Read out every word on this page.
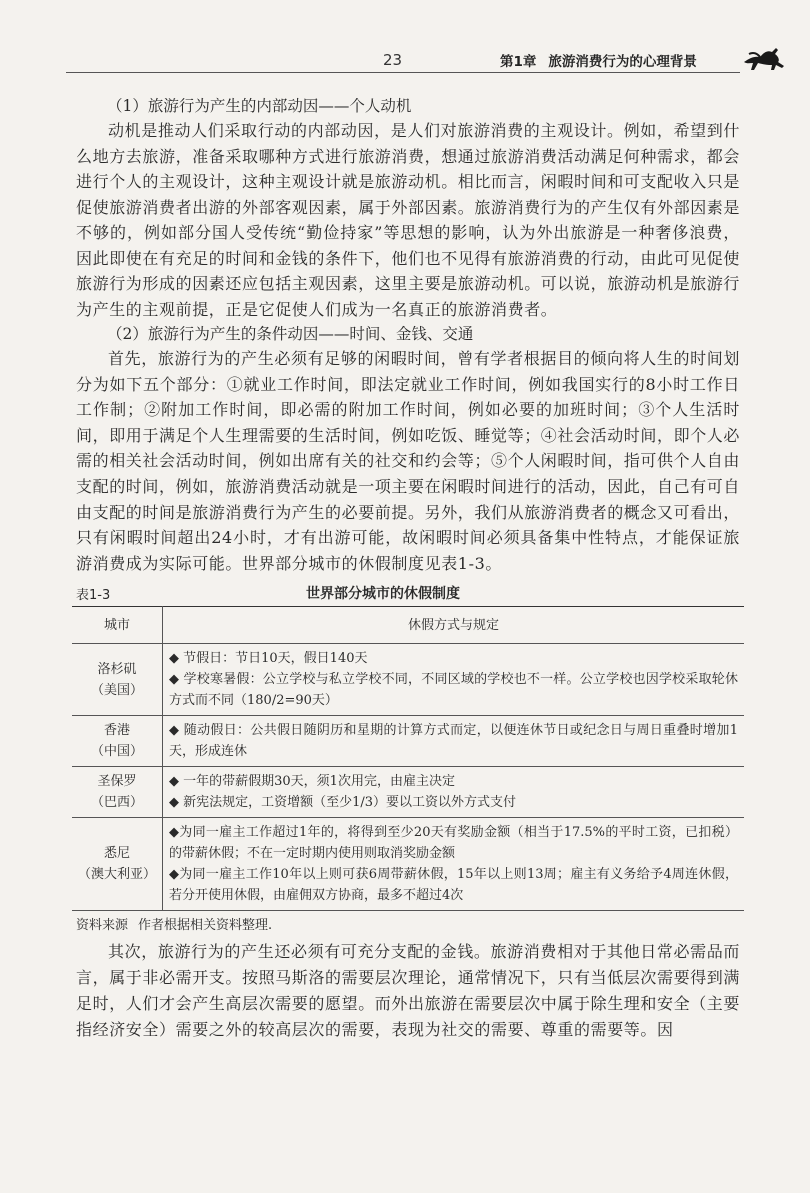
23	第1章 旅游消费行为的心理背景

（1）旅游行为产生的内部动因——个人动机

动机是推动人们采取行动的内部动因，是人们对旅游消费的主观设计。例如，希望到什么地方去旅游，准备采取哪种方式进行旅游消费，想通过旅游消费活动满足何种需求，都会进行个人的主观设计，这种主观设计就是旅游动机。相比而言，闲暇时间和可支配收入只是促使旅游消费者出游的外部客观因素，属于外部因素。旅游消费行为的产生仅有外部因素是不够的，例如部分国人受传统“勤俭持家”等思想的影响，认为外出旅游是一种奢侈浪费，因此即使在有充足的时间和金钱的条件下，他们也不见得有旅游消费的行动，由此可见促使旅游行为形成的因素还应包括主观因素，这里主要是旅游动机。可以说，旅游动机是旅游行为产生的主观前提，正是它促使人们成为一名真正的旅游消费者。

（2）旅游行为产生的条件动因——时间、金钱、交通

首先，旅游行为的产生必须有足够的闲暇时间，曾有学者根据目的倾向将人生的时间划分为如下五个部分：①就业工作时间，即法定就业工作时间，例如我国实行的8小时工作日工作制；②附加工作时间，即必需的附加工作时间，例如必要的加班时间；③个人生活时间，即用于满足个人生理需要的生活时间，例如吃饭、睡觉等；④社会活动时间，即个人必需的相关社会活动时间，例如出席有关的社交和约会等；⑤个人闲暇时间，指可供个人自由支配的时间，例如，旅游消费活动就是一项主要在闲暇时间进行的活动，因此，自己有可自由支配的时间是旅游消费行为产生的必要前提。另外，我们从旅游消费者的概念又可看出，只有闲暇时间超出24小时，才有出游可能，故闲暇时间必须具备集中性特点，才能保证旅游消费成为实际可能。世界部分城市的休假制度见表1-3。

表1-3	世界部分城市的休假制度
城市	休假方式与规定

洛杉矶
（美国）	◆ 节假日：节日10天，假日140天
◆ 学校寒暑假：公立学校与私立学校不同，不同区域的学校也不一样。公立学校也因学校采取轮休方式而不同（180/2=90天）

香港
（中国）	◆ 随动假日：公共假日随阴历和星期的计算方式而定，以便连休节日或纪念日与周日重叠时增加1天，形成连休

圣保罗
（巴西）	◆ 一年的带薪假期30天，须1次用完，由雇主决定
◆ 新宪法规定，工资增额（至少1/3）要以工资以外方式支付

悉尼
（澳大利亚）	◆为同一雇主工作超过1年的，将得到至少20天有奖励金额（相当于17.5%的平时工资，已扣税）的带薪休假；不在一定时期内使用则取消奖励金额
◆为同一雇主工作10年以上则可获6周带薪休假，15年以上则13周；雇主有义务给予4周连休假，若分开使用休假，由雇佣双方协商，最多不超过4次
资料来源 作者根据相关资料整理.

其次，旅游行为的产生还必须有可充分支配的金钱。旅游消费相对于其他日常必需品而言，属于非必需开支。按照马斯洛的需要层次理论，通常情况下，只有当低层次需要得到满足时，人们才会产生高层次需要的愿望。而外出旅游在需要层次中属于除生理和安全（主要指经济安全）需要之外的较高层次的需要，表现为社交的需要、尊重的需要等。因
